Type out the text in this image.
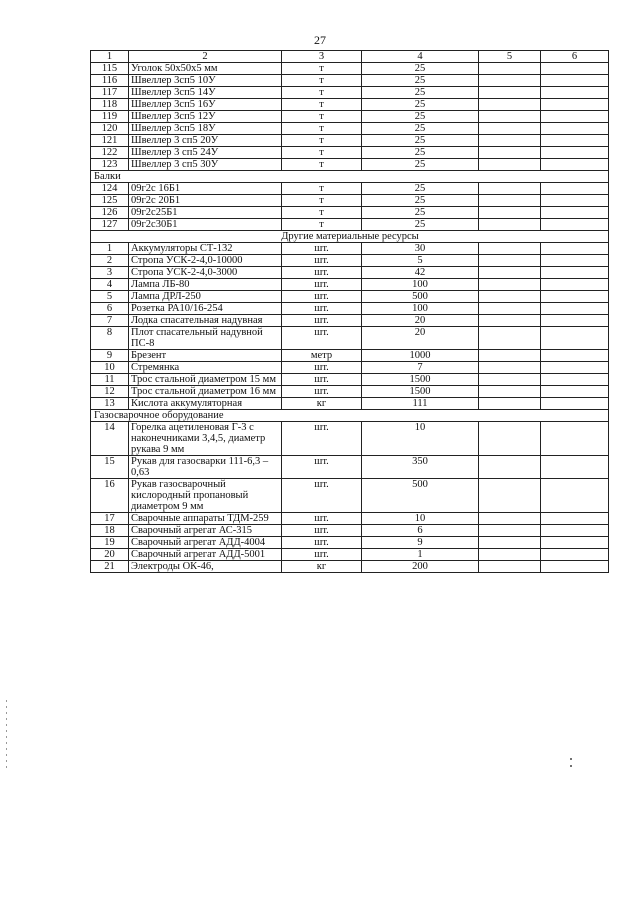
27
1	2	3	4	5	6
115	Уголок 50х50х5 мм	т	25		
116	Швеллер 3сп5 10У	т	25		
117	Швеллер 3сп5 14У	т	25		
118	Швеллер 3сп5 16У	т	25		
119	Швеллер 3сп5 12У	т	25		
120	Швеллер 3сп5 18У	т	25		
121	Швеллер 3 сп5 20У	т	25		
122	Швеллер 3 сп5 24У	т	25		
123	Швеллер 3 сп5 30У	т	25		
Балки					
124	09г2с 16Б1	т	25		
125	09г2с 20Б1	т	25		
126	09г2с25Б1	т	25		
127	09г2с30Б1	т	25		
Другие материальные ресурсы					
1	Аккумуляторы СТ-132	шт.	30		
2	Стропа УСК-2-4,0-10000	шт.	5		
3	Стропа УСК-2-4,0-3000	шт.	42		
4	Лампа ЛБ-80	шт.	100		
5	Лампа ДРЛ-250	шт.	500		
6	Розетка РА10/16-254	шт.	100		
7	Лодка спасательная надувная	шт.	20		
8	Плот спасательный надувной ПС-8	шт.	20		
9	Брезент	метр	1000		
10	Стремянка	шт.	7		
11	Трос стальной диаметром 15 мм	шт.	1500		
12	Трос стальной диаметром 16 мм	шт.	1500		
13	Кислота аккумуляторная	кг	111		
Газосварочное оборудование					
14	Горелка ацетиленовая Г-3 с наконечниками 3,4,5, диаметр рукава 9 мм	шт.	10		
15	Рукав для газосварки 111-6,3 – 0,63	шт.	350		
16	Рукав газосварочный кислородный пропановый диаметром 9 мм	шт.	500		
17	Сварочные аппараты ТДМ-259	шт.	10		
18	Сварочный агрегат АС-315	шт.	6		
19	Сварочный агрегат АДД-4004	шт.	9		
20	Сварочный агрегат АДД-5001	шт.	1		
21	Электроды ОК-46,	кг	200		
